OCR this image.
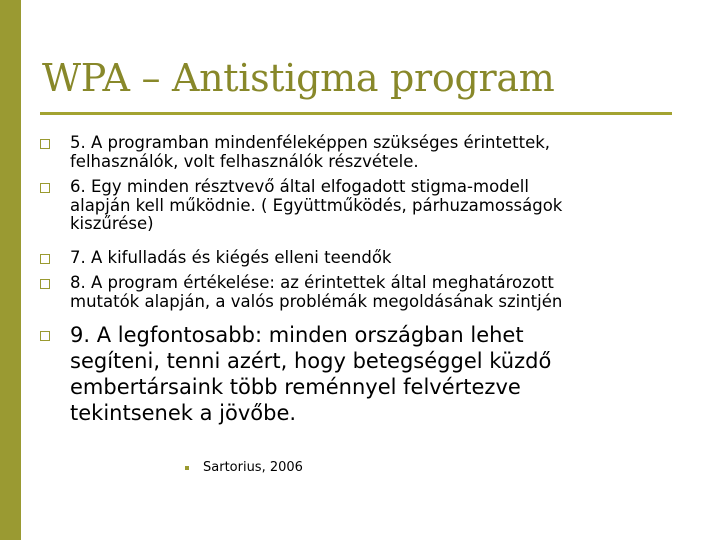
WPA – Antistigma program
5. A programban mindenféleképpen szükséges érintettek,
felhasználók, volt felhasználók részvétele.
6. Egy minden résztvevő által elfogadott stigma-modell
alapján kell működnie. ( Együttműködés, párhuzamosságok
kiszűrése)
7. A kifulladás és kiégés elleni teendők
8. A program értékelése: az érintettek által meghatározott
mutatók alapján, a valós problémák megoldásának szintjén
9. A legfontosabb: minden országban lehet
segíteni, tenni azért, hogy betegséggel küzdő
embertársaink több reménnyel felvértezve
tekintsenek a jövőbe.
Sartorius, 2006
